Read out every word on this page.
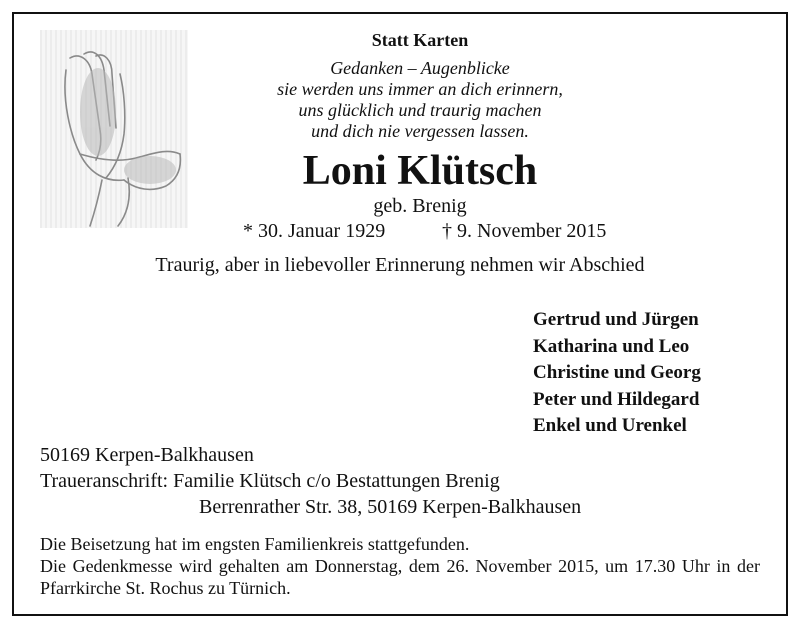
Statt Karten
Gedanken – Augenblicke
sie werden uns immer an dich erinnern,
uns glücklich und traurig machen
und dich nie vergessen lassen.
Loni Klütsch
geb. Brenig
* 30. Januar 1929	† 9. November 2015
Traurig, aber in liebevoller Erinnerung nehmen wir Abschied
Gertrud und Jürgen
Katharina und Leo
Christine und Georg
Peter und Hildegard
Enkel und Urenkel
50169 Kerpen-Balkhausen
Traueranschrift: Familie Klütsch c/o Bestattungen Brenig
Berrenrather Str. 38, 50169 Kerpen-Balkhausen
Die Beisetzung hat im engsten Familienkreis stattgefunden.
Die Gedenkmesse wird gehalten am Donnerstag, dem 26. November 2015, um 17.30 Uhr in der Pfarrkirche St. Rochus zu Türnich.
